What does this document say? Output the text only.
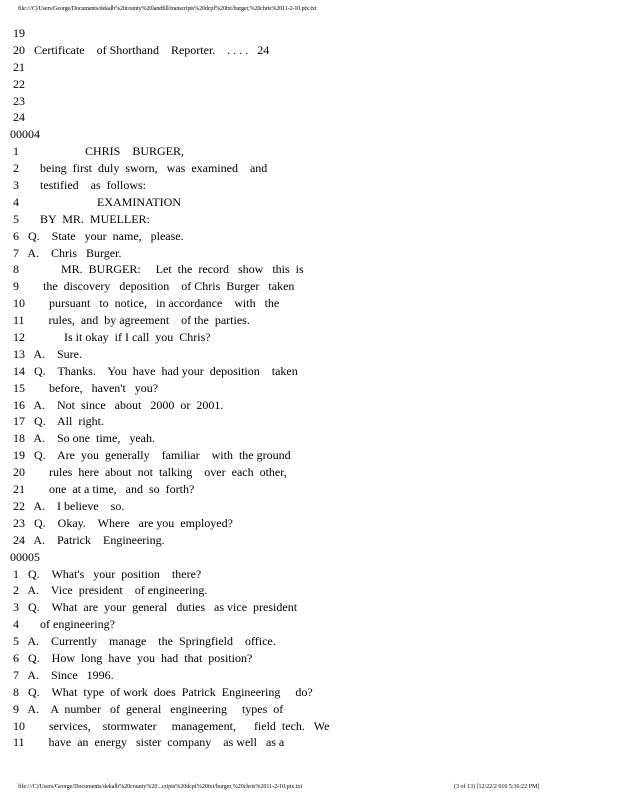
file:///C|/Users/George/Documents/dekalb%20county%20landfill/transcripts%20dcpf%20txt/burger,%20chris%2011-2-10.ptx.txt
19
20   Certificate    of Shorthand    Reporter.    . . . .   24
21
22
23
24
00004
1                      CHRIS    BURGER,
2       being  first  duly  sworn,   was  examined    and
3       testified    as  follows:
4                          EXAMINATION
5       BY  MR.  MUELLER:
6   Q.    State   your  name,   please.
7   A.    Chris   Burger.
8              MR.  BURGER:     Let  the  record   show   this  is
9        the  discovery   deposition    of Chris  Burger   taken
10        pursuant   to  notice,   in accordance    with   the
11        rules,  and  by agreement    of the  parties.
12             Is it okay  if I call  you  Chris?
13   A.    Sure.
14   Q.    Thanks.    You  have  had your  deposition    taken
15        before,   haven't   you?
16   A.    Not  since   about   2000  or  2001.
17   Q.    All  right.
18   A.    So one  time,   yeah.
19   Q.    Are  you  generally    familiar    with  the ground
20        rules  here  about  not  talking    over  each  other,
21        one  at a time,   and  so  forth?
22   A.    I believe    so.
23   Q.    Okay.    Where   are you  employed?
24   A.    Patrick    Engineering.
00005
1   Q.    What's   your  position    there?
2   A.    Vice  president    of engineering.
3   Q.    What  are  your  general   duties   as vice  president
4       of engineering?
5   A.    Currently    manage    the  Springfield    office.
6   Q.    How  long  have  you  had  that  position?
7   A.    Since   1996.
8   Q.    What  type  of work  does  Patrick  Engineering     do?
9   A.    A  number   of  general   engineering     types  of
10        services,    stormwater     management,      field  tech.   We
11        have  an  energy   sister  company    as well   as a
file:///C|/Users/George/Documents/dekalb%20county%20...cripts%20dcpf%20txt/burger,%20chris%2011-2-10.ptx.txt	(3 of 13) [12/22/2 010 5:36:22 PM]
